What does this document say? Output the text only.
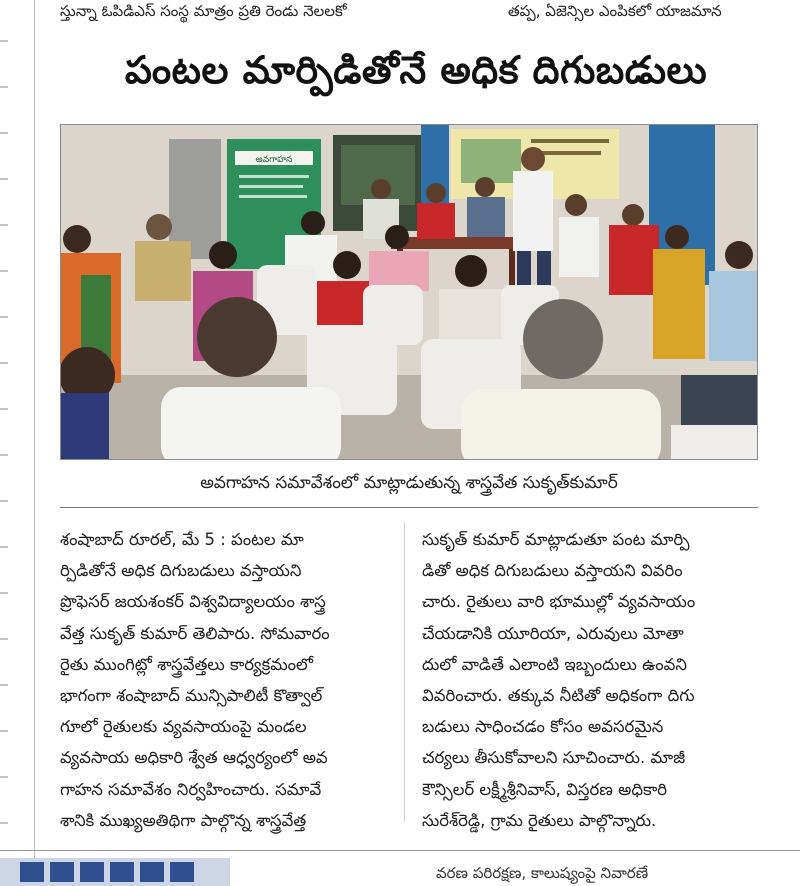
స్తున్నా ఓపిడిఎస్ సంస్థ మాత్రం ప్రతి రెండు నెలలకో	తప్ప, ఏజెన్సిల ఎంపికలో యాజమాన
పంటల మార్పిడితోనే అధిక దిగుబడులు
అవగాహన

అవగాహన సమావేశంలో మాట్లాడుతున్న శాస్త్రవేత సుకృత్‌కుమార్

శంషాబాద్ రూరల్, మే 5 : పంటల మా
ర్పిడితోనే అధిక దిగుబడులు వస్తాయని
ప్రొఫెసర్ జయశంకర్ విశ్వవిద్యాలయం శాస్త్ర
వేత్త సుకృత్ కుమార్ తెలిపారు. సోమవారం
రైతు ముంగిట్లో శాస్త్రవేత్తలు కార్యక్రమంలో
భాగంగా శంషాబాద్ మున్సిపాలిటీ కొత్వాల్
గూలో రైతులకు వ్యవసాయంపై మండల
వ్యవసాయ అధికారి శ్వేత ఆధ్వర్యంలో అవ
గాహన సమావేశం నిర్వహించారు. సమావే
శానికి ముఖ్యఅతిథిగా పాల్గొన్న శాస్త్రవేత్త
సుకృత్ కుమార్ మాట్లాడుతూ పంట మార్పి
డితో అధిక దిగుబడులు వస్తాయని వివరిం
చారు. రైతులు వారి భూముల్లో వ్యవసాయం
చేయడానికి యూరియా, ఎరువులు మోతా
దులో వాడితే ఎలాంటి ఇబ్బందులు ఉంవని
వివరించారు. తక్కువ నీటితో అధికంగా దిగు
బడులు సాధించడం కోసం అవసరమైన
చర్యలు తీసుకోవాలని సూచించారు. మాజీ
కౌన్సిలర్ లక్ష్మీశ్రీనివాస్, విస్తరణ అధికారి
సురేశ్‌రెడ్డి, గ్రామ రైతులు పాల్గొన్నారు.
వరణ పరిరక్షణ, కాలుష్యంపై నివారణే
